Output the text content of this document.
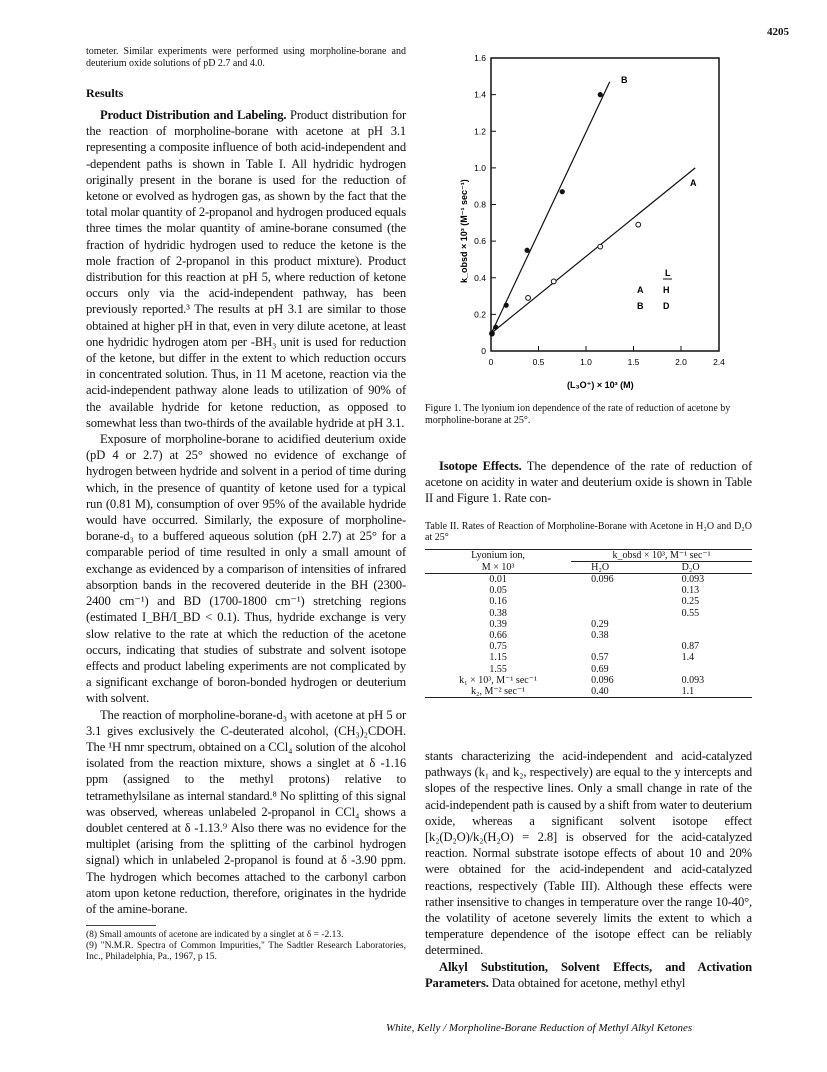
4205

tometer. Similar experiments were performed using morpholine-borane and deuterium oxide solutions of pD 2.7 and 4.0.

Results

Product Distribution and Labeling. Product distribution for the reaction of morpholine-borane with acetone at pH 3.1 representing a composite influence of both acid-independent and -dependent paths is shown in Table I. All hydridic hydrogen originally present in the borane is used for the reduction of ketone or evolved as hydrogen gas, as shown by the fact that the total molar quantity of 2-propanol and hydrogen produced equals three times the molar quantity of amine-borane consumed (the fraction of hydridic hydrogen used to reduce the ketone is the mole fraction of 2-propanol in this product mixture). Product distribution for this reaction at pH 5, where reduction of ketone occurs only via the acid-independent pathway, has been previously reported.³ The results at pH 3.1 are similar to those obtained at higher pH in that, even in very dilute acetone, at least one hydridic hydrogen atom per -BH₃ unit is used for reduction of the ketone, but differ in the extent to which reduction occurs in concentrated solution. Thus, in 11 M acetone, reaction via the acid-independent pathway alone leads to utilization of 90% of the available hydride for ketone reduction, as opposed to somewhat less than two-thirds of the available hydride at pH 3.1.

Exposure of morpholine-borane to acidified deuterium oxide (pD 4 or 2.7) at 25° showed no evidence of exchange of hydrogen between hydride and solvent in a period of time during which, in the presence of quantity of ketone used for a typical run (0.81 M), consumption of over 95% of the available hydride would have occurred. Similarly, the exposure of morpholine-borane-d₃ to a buffered aqueous solution (pH 2.7) at 25° for a comparable period of time resulted in only a small amount of exchange as evidenced by a comparison of intensities of infrared absorption bands in the recovered deuteride in the BH (2300-2400 cm⁻¹) and BD (1700-1800 cm⁻¹) stretching regions (estimated I_BH/I_BD < 0.1). Thus, hydride exchange is very slow relative to the rate at which the reduction of the acetone occurs, indicating that studies of substrate and solvent isotope effects and product labeling experiments are not complicated by a significant exchange of boron-bonded hydrogen or deuterium with solvent.

The reaction of morpholine-borane-d₃ with acetone at pH 5 or 3.1 gives exclusively the C-deuterated alcohol, (CH₃)₂CDOH. The ¹H nmr spectrum, obtained on a CCl₄ solution of the alcohol isolated from the reaction mixture, shows a singlet at δ -1.16 ppm (assigned to the methyl protons) relative to tetramethylsilane as internal standard.⁸ No splitting of this signal was observed, whereas unlabeled 2-propanol in CCl₄ shows a doublet centered at δ -1.13.⁹ Also there was no evidence for the multiplet (arising from the splitting of the carbinol hydrogen signal) which in unlabeled 2-propanol is found at δ -3.90 ppm. The hydrogen which becomes attached to the carbonyl carbon atom upon ketone reduction, therefore, originates in the hydride of the amine-borane.

(8) Small amounts of acetone are indicated by a singlet at δ = -2.13.

(9) "N.M.R. Spectra of Common Impurities," The Sadtler Research Laboratories, Inc., Philadelphia, Pa., 1967, p 15.

0
0.2
0.4
0.6
0.8
1.0
1.2
1.4
1.6
0	0.5	1.0	1.5	2.0	2.4
k_obsd × 10³ (M⁻¹ sec⁻¹)
(L₃O⁺) × 10³ (M)
A
B
L
A H
B D
Figure 1. The lyonium ion dependence of the rate of reduction of acetone by morpholine-borane at 25°.

Isotope Effects. The dependence of the rate of reduction of acetone on acidity in water and deuterium oxide is shown in Table II and Figure 1. Rate con-

Table II. Rates of Reaction of Morpholine-Borane with Acetone in H₂O and D₂O at 25°

Lyonium ion,	k_obsd × 10³, M⁻¹ sec⁻¹	
M × 10³	H₂O	D₂O
0.01	0.096	0.093
0.05		0.13
0.16		0.25
0.38		0.55
0.39	0.29	
0.66	0.38	
0.75		0.87
1.15	0.57	1.4
1.55	0.69	
k₁ × 10³, M⁻¹ sec⁻¹	0.096	0.093
k₂, M⁻² sec⁻¹	0.40	1.1

stants characterizing the acid-independent and acid-catalyzed pathways (k₁ and k₂, respectively) are equal to the y intercepts and slopes of the respective lines. Only a small change in rate of the acid-independent path is caused by a shift from water to deuterium oxide, whereas a significant solvent isotope effect [k₂(D₂O)/k₂(H₂O) = 2.8] is observed for the acid-catalyzed reaction. Normal substrate isotope effects of about 10 and 20% were obtained for the acid-independent and acid-catalyzed reactions, respectively (Table III). Although these effects were rather insensitive to changes in temperature over the range 10-40°, the volatility of acetone severely limits the extent to which a temperature dependence of the isotope effect can be reliably determined.

Alkyl Substitution, Solvent Effects, and Activation Parameters. Data obtained for acetone, methyl ethyl

White, Kelly / Morpholine-Borane Reduction of Methyl Alkyl Ketones
